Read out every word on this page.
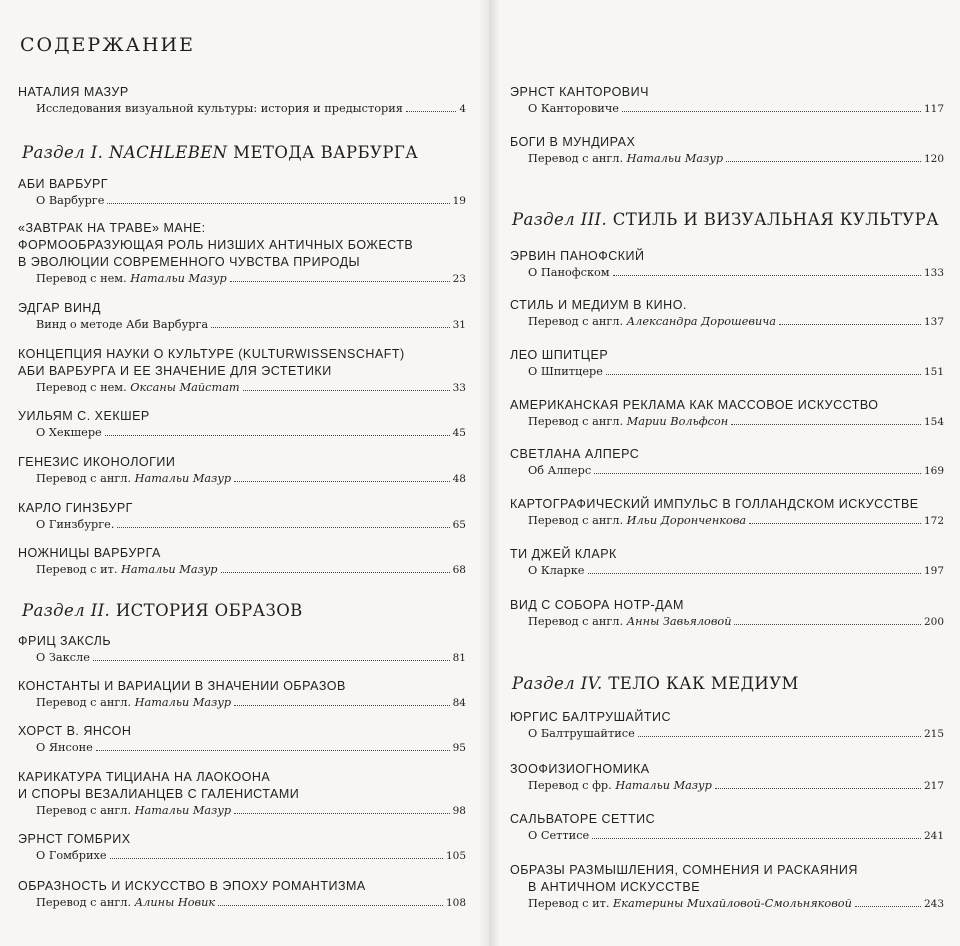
СОДЕРЖАНИЕ
НАТАЛИЯ МАЗУР
Исследования визуальной культуры: история и предыстория	4
Раздел I. NACHLEBEN МЕТОДА ВАРБУРГА
АБИ ВАРБУРГ
О Варбурге	19
«ЗАВТРАК НА ТРАВЕ» МАНЕ:
ФОРМООБРАЗУЮЩАЯ РОЛЬ НИЗШИХ АНТИЧНЫХ БОЖЕСТВ
В ЭВОЛЮЦИИ СОВРЕМЕННОГО ЧУВСТВА ПРИРОДЫ
Перевод с нем. Натальи Мазур	23
ЭДГАР ВИНД
Винд о методе Аби Варбурга	31
КОНЦЕПЦИЯ НАУКИ О КУЛЬТУРЕ (KULTURWISSENSCHAFT)
АБИ ВАРБУРГА И ЕЕ ЗНАЧЕНИЕ ДЛЯ ЭСТЕТИКИ
Перевод с нем. Оксаны Майстат	33
УИЛЬЯМ С. ХЕКШЕР
О Хекшере	45
ГЕНЕЗИС ИКОНОЛОГИИ
Перевод с англ. Натальи Мазур	48
КАРЛО ГИНЗБУРГ
О Гинзбурге.	65
НОЖНИЦЫ ВАРБУРГА
Перевод с ит. Натальи Мазур	68
Раздел II. ИСТОРИЯ ОБРАЗОВ
ФРИЦ ЗАКСЛЬ
О Заксле	81
КОНСТАНТЫ И ВАРИАЦИИ В ЗНАЧЕНИИ ОБРАЗОВ
Перевод с англ. Натальи Мазур	84
ХОРСТ В. ЯНСОН
О Янсоне	95
КАРИКАТУРА ТИЦИАНА НА ЛАОКООНА
И СПОРЫ ВЕЗАЛИАНЦЕВ С ГАЛЕНИСТАМИ
Перевод с англ. Натальи Мазур	98
ЭРНСТ ГОМБРИХ
О Гомбрихе	105
ОБРАЗНОСТЬ И ИСКУССТВО В ЭПОХУ РОМАНТИЗМА
Перевод с англ. Алины Новик	108
ЭРНСТ КАНТОРОВИЧ
О Канторовиче	117
БОГИ В МУНДИРАХ
Перевод с англ. Натальи Мазур	120
Раздел III. СТИЛЬ И ВИЗУАЛЬНАЯ КУЛЬТУРА
ЭРВИН ПАНОФСКИЙ
О Панофском	133
СТИЛЬ И МЕДИУМ В КИНО.
Перевод с англ. Александра Дорошевича	137
ЛЕО ШПИТЦЕР
О Шпитцере	151
АМЕРИКАНСКАЯ РЕКЛАМА КАК МАССОВОЕ ИСКУССТВО
Перевод с англ. Марии Вольфсон	154
СВЕТЛАНА АЛПЕРС
Об Алперс	169
КАРТОГРАФИЧЕСКИЙ ИМПУЛЬС В ГОЛЛАНДСКОМ ИСКУССТВЕ
Перевод с англ. Ильи Доронченкова	172
ТИ ДЖЕЙ КЛАРК
О Кларке	197
ВИД С СОБОРА НОТР-ДАМ
Перевод с англ. Анны Завьяловой	200
Раздел IV. ТЕЛО КАК МЕДИУМ
ЮРГИС БАЛТРУШАЙТИС
О Балтрушайтисе	215
ЗООФИЗИОГНОМИКА
Перевод с фр. Натальи Мазур	217
САЛЬВАТОРЕ СЕТТИС
О Сеттисе	241
ОБРАЗЫ РАЗМЫШЛЕНИЯ, СОМНЕНИЯ И РАСКАЯНИЯ
В АНТИЧНОМ ИСКУССТВЕ
Перевод с ит. Екатерины Михайловой-Смольняковой	243
